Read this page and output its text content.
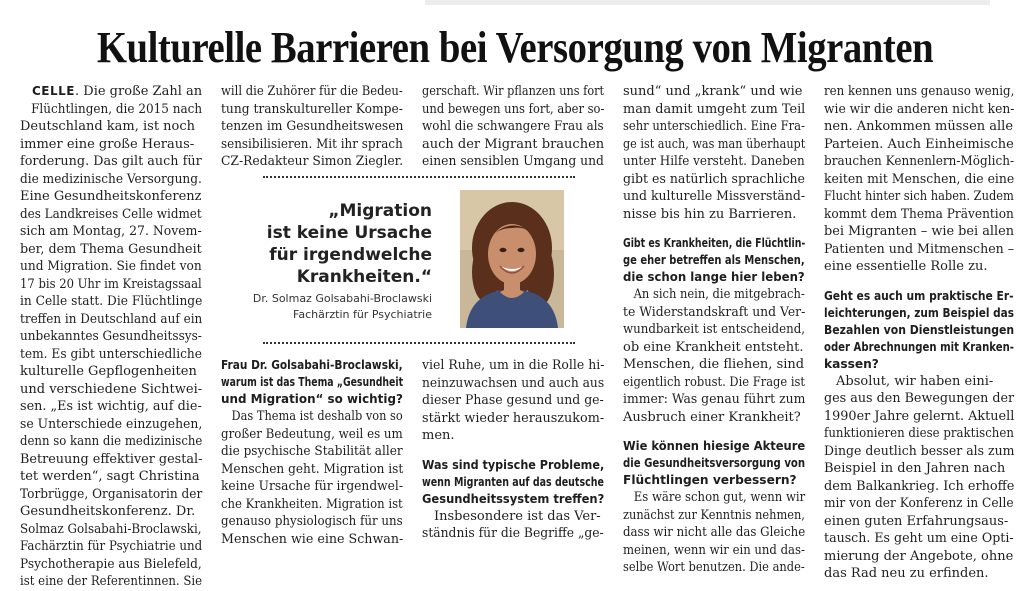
Kulturelle Barrieren bei Versorgung von Migranten
CELLE. Die große Zahl an
Flüchtlingen, die 2015 nach
Deutschland kam, ist noch
immer eine große Heraus-
forderung. Das gilt auch für
die medizinische Versorgung.
Eine Gesundheitskonferenz
des Landkreises Celle widmet
sich am Montag, 27. Novem-
ber, dem Thema Gesundheit
und Migration. Sie findet von
17 bis 20 Uhr im Kreistagssaal
in Celle statt. Die Flüchtlinge
treffen in Deutschland auf ein
unbekanntes Gesundheitssys-
tem. Es gibt unterschiedliche
kulturelle Gepflogenheiten
und verschiedene Sichtwei-
sen. „Es ist wichtig, auf die-
se Unterschiede einzugehen,
denn so kann die medizinische
Betreuung effektiver gestal-
tet werden“, sagt Christina
Torbrügge, Organisatorin der
Gesundheitskonferenz. Dr.
Solmaz Golsabahi-Broclawski,
Fachärztin für Psychiatrie und
Psychotherapie aus Bielefeld,
ist eine der Referentinnen. Sie
will die Zuhörer für die Bedeu-
tung transkultureller Kompe-
tenzen im Gesundheitswesen
sensibilisieren. Mit ihr sprach
CZ-Redakteur Simon Ziegler.
gerschaft. Wir pflanzen uns fort
und bewegen uns fort, aber so-
wohl die schwangere Frau als
auch der Migrant brauchen
einen sensiblen Umgang und
„Migration
ist keine Ursache
für irgendwelche
Krankheiten.“
Dr. Solmaz Golsabahi-Broclawski
Fachärztin für Psychiatrie
Frau Dr. Golsabahi-Broclawski,
warum ist das Thema „Gesundheit
und Migration“ so wichtig?
Das Thema ist deshalb von so
großer Bedeutung, weil es um
die psychische Stabilität aller
Menschen geht. Migration ist
keine Ursache für irgendwel-
che Krankheiten. Migration ist
genauso physiologisch für uns
Menschen wie eine Schwan-
viel Ruhe, um in die Rolle hi-
neinzuwachsen und auch aus
dieser Phase gesund und ge-
stärkt wieder herauszukom-
men.
Was sind typische Probleme,
wenn Migranten auf das deutsche
Gesundheitssystem treffen?
Insbesondere ist das Ver-
ständnis für die Begriffe „ge-
sund“ und „krank“ und wie
man damit umgeht zum Teil
sehr unterschiedlich. Eine Fra-
ge ist auch, was man überhaupt
unter Hilfe versteht. Daneben
gibt es natürlich sprachliche
und kulturelle Missverständ-
nisse bis hin zu Barrieren.
Gibt es Krankheiten, die Flüchtlin-
ge eher betreffen als Menschen,
die schon lange hier leben?
An sich nein, die mitgebrach-
te Widerstandskraft und Ver-
wundbarkeit ist entscheidend,
ob eine Krankheit entsteht.
Menschen, die fliehen, sind
eigentlich robust. Die Frage ist
immer: Was genau führt zum
Ausbruch einer Krankheit?
Wie können hiesige Akteure
die Gesundheitsversorgung von
Flüchtlingen verbessern?
Es wäre schon gut, wenn wir
zunächst zur Kenntnis nehmen,
dass wir nicht alle das Gleiche
meinen, wenn wir ein und das-
selbe Wort benutzen. Die ande-
ren kennen uns genauso wenig,
wie wir die anderen nicht ken-
nen. Ankommen müssen alle
Parteien. Auch Einheimische
brauchen Kennenlern-Möglich-
keiten mit Menschen, die eine
Flucht hinter sich haben. Zudem
kommt dem Thema Prävention
bei Migranten – wie bei allen
Patienten und Mitmenschen –
eine essentielle Rolle zu.
Geht es auch um praktische Er-
leichterungen, zum Beispiel das
Bezahlen von Dienstleistungen
oder Abrechnungen mit Kranken-
kassen?
Absolut, wir haben eini-
ges aus den Bewegungen der
1990er Jahre gelernt. Aktuell
funktionieren diese praktischen
Dinge deutlich besser als zum
Beispiel in den Jahren nach
dem Balkankrieg. Ich erhoffe
mir von der Konferenz in Celle
einen guten Erfahrungsaus-
tausch. Es geht um eine Opti-
mierung der Angebote, ohne
das Rad neu zu erfinden.
